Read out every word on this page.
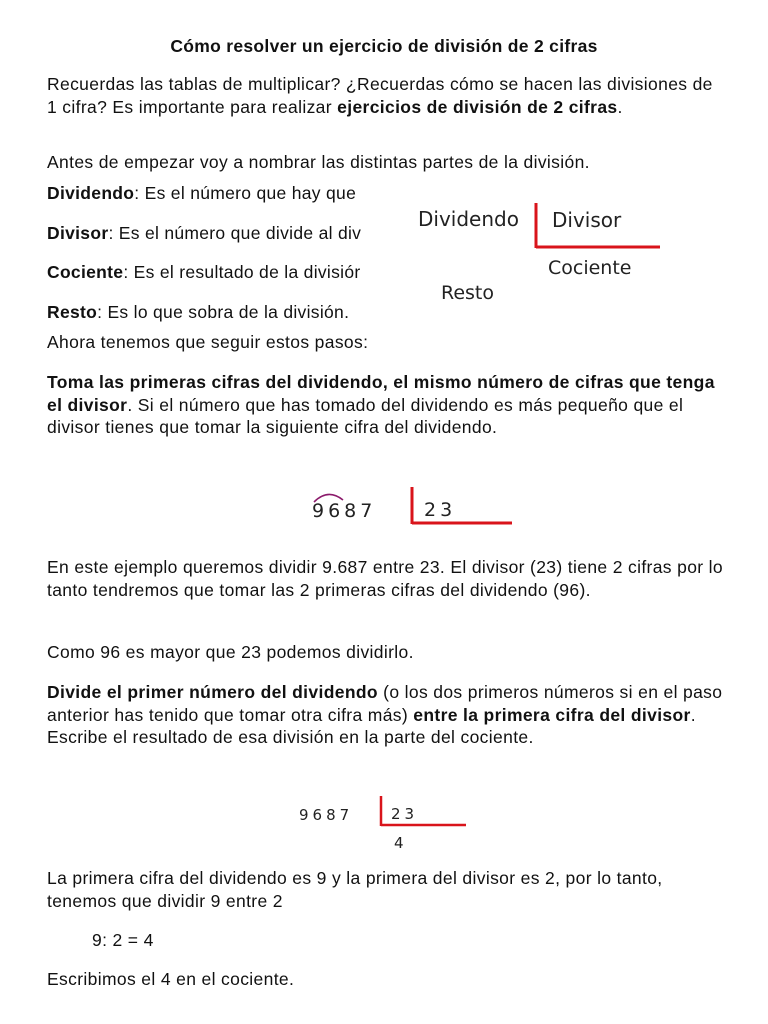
Cómo resolver un ejercicio de división de 2 cifras
Recuerdas las tablas de multiplicar? ¿Recuerdas cómo se hacen las divisiones de 1 cifra? Es importante para realizar ejercicios de división de 2 cifras.
Antes de empezar voy a nombrar las distintas partes de la división.
Dividendo: Es el número que hay que
Divisor: Es el número que divide al div
Cociente: Es el resultado de la divisiór
Resto: Es lo que sobra de la división.
Dividendo Divisor
Cociente
Resto
Ahora tenemos que seguir estos pasos:
Toma las primeras cifras del dividendo, el mismo número de cifras que tenga el divisor. Si el número que has tomado del dividendo es más pequeño que el divisor tienes que tomar la siguiente cifra del dividendo.
9687	23
En este ejemplo queremos dividir 9.687 entre 23. El divisor (23) tiene 2 cifras por lo tanto tendremos que tomar las 2 primeras cifras del dividendo (96).
Como 96 es mayor que 23 podemos dividirlo.
Divide el primer número del dividendo (o los dos primeros números si en el paso anterior has tenido que tomar otra cifra más) entre la primera cifra del divisor. Escribe el resultado de esa división en la parte del cociente.
9687	23
4
La primera cifra del dividendo es 9 y la primera del divisor es 2, por lo tanto, tenemos que dividir 9 entre 2
9: 2 = 4
Escribimos el 4 en el cociente.
